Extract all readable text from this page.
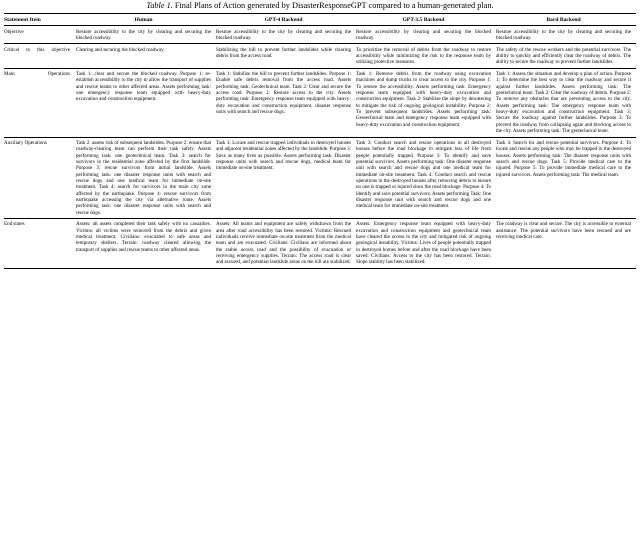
Table 1. Final Plans of Action generated by DisasterResponseGPT compared to a human-generated plan.
Statement Item	Human	GPT-4 Backend	GPT-3.5 Backend	Bard Backend
Objective	Restore accessibility to the city by clearing and securing the blocked roadway.	Restore accessibility to the city by clearing and securing the blocked roadway.	Restore accessibility by clearing and securing the blocked roadway.	Restore accessibility to the city by clearing and securing the blocked roadway.
Critical to this objective	Clearing and securing the blocked roadway.	Stabilizing the hill to prevent further landslides while clearing debris from the access road.	To prioritize the removal of debris from the roadway to restore accessibility while minimizing the risk to the response team by utilizing protective measures.	The safety of the rescue workers and the potential survivors. The ability to quickly and efficiently clear the roadway of debris. The ability to secure the roadway to prevent further landslides.
Main Operations	Task 1: clear and secure the blocked roadway. Purpose 1: re-establish accessibility to the city to allow the transport of supplies and rescue teams to other affected areas. Assets performing task: one emergency response team equipped with heavy-duty excavation and construction equipment.	Task 1: Stabilize the hill to prevent further landslides. Purpose 1: Enable safe debris removal from the access road. Assets performing task: Geotechnical team. Task 2: Clear and secure the access road. Purpose 2: Restore access to the city. Assets performing task: Emergency response team equipped with heavy-duty excavation and construction equipment, disaster response units with search and rescue dogs.	Task 1: Remove debris from the roadway using excavation machines and dump trucks to clear access to the city. Purpose 1: To restore the accessibility. Assets performing task: Emergency response team equipped with heavy-duty excavation and construction equipment. Task 2: Stabilize the slope by dewatering to mitigate the risk of ongoing geological instability. Purpose 2: To prevent subsequent landslides. Assets performing task: Geotechnical team and emergency response team equipped with heavy-duty excavation and construction equipment.	Task 1: Assess the situation and develop a plan of action. Purpose 1: To determine the best way to clear the roadway and secure it against further landslides. Assets performing task: The geotechnical team. Task 2: Clear the roadway of debris. Purpose 2: To remove any obstacles that are preventing access to the city. Assets performing task: The emergency response team with heavy-duty excavation and construction equipment. Task 3: Secure the roadway against further landslides. Purpose 3: To prevent the roadway from collapsing again and blocking access to the city. Assets performing task: The geotechnical team.
Auxiliary Operations	Task 2: assess risk of subsequent landslides. Purpose 2: ensure that roadway-clearing team can perform their task safely. Assets performing task: one geotechnical team. Task 3: search for survivors in the residential zone affected by the first landslide. Purpose 3: rescue survivors from initial landslide. Assets performing task: one disaster response units with search and rescue dogs and one medical team for immediate on-site treatment. Task 4: search for survivors in the main city zone affected by the earthquake. Purpose 4: rescue survivors from earthquake accessing the city via alternative route. Assets performing task: one disaster response units with search and rescue dogs.	Task 3: Locate and rescue trapped individuals in destroyed houses and adjacent residential zones affected by the landslide. Purpose 3: Save as many lives as possible. Assets performing task: Disaster response units with search and rescue dogs, medical team for immediate on-site treatment.	Task 3: Conduct search and rescue operations in all destroyed houses before the road blockage to mitigate loss of life from people potentially trapped. Purpose 3: To identify and save potential survivors. Assets performing task: One disaster response unit with search and rescue dogs and one medical team for immediate on-site treatment. Task 4: Conduct search and rescue operations in the destroyed houses after removing debris to ensure no one is trapped or injured since the road blockage. Purpose 4: To identify and save potential survivors. Assets performing Task: One disaster response unit with search and rescue dogs and one medical team for immediate on-site treatment.	Task 4: Search for and rescue potential survivors. Purpose 4: To locate and rescue any people who may be trapped in the destroyed houses. Assets performing task: The disaster response units with search and rescue dogs. Task 5: Provide medical care to the injured. Purpose 5: To provide immediate medical care to the injured survivors. Assets performing task: The medical team.
End states	Assets: all assets completed their task safely with no casualties. Victims: all victims were removed from the debris and given medical treatment. Civilians: evacuated to safe areas and temporary shelters. Terrain: roadway cleared allowing the transport of supplies and rescue teams to other affected areas.	Assets: All teams and equipment are safely withdrawn from the area after road accessibility has been restored. Victims: Rescued individuals receive immediate on-site treatment from the medical team and are evacuated. Civilians: Civilians are informed about the stable access road and the possibility of evacuation or receiving emergency supplies. Terrain: The access road is clear and secured, and potential landslide areas on the hill are stabilized.	Assets: Emergency response team equipped with heavy-duty excavation and construction equipment and geotechnical team have cleared the access to the city and mitigated risk of ongoing geological instability. Victims: Lives of people potentially trapped in destroyed homes before and after the road blockage have been saved. Civilians: Access to the city has been restored. Terrain: Slope stability has been stabilized.	The roadway is clear and secure. The city is accessible to external assistance. The potential survivors have been rescued and are receiving medical care.
